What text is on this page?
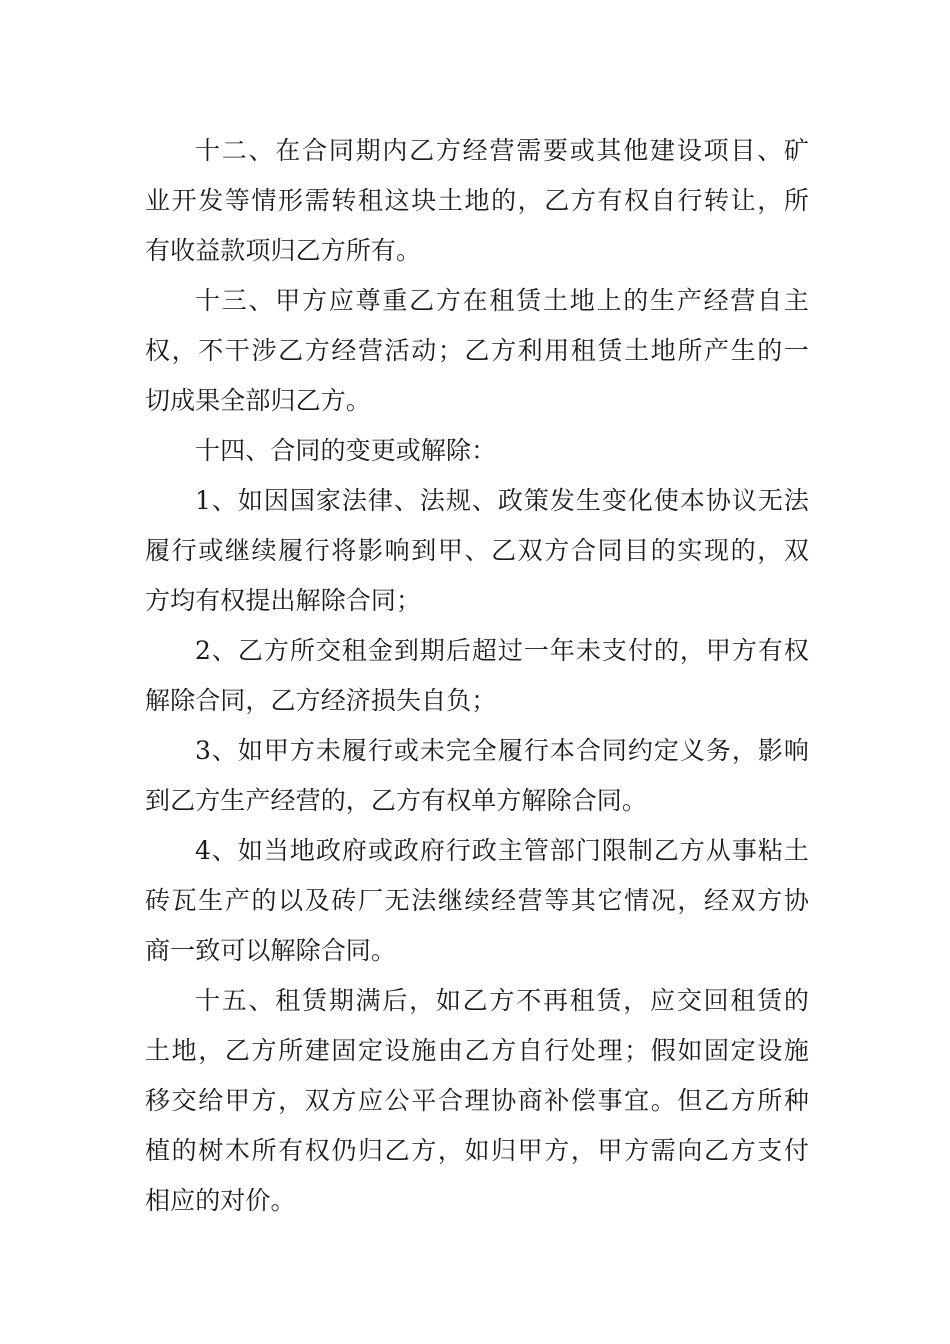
十二、在合同期内乙方经营需要或其他建设项目、矿
业开发等情形需转租这块土地的，乙方有权自行转让，所
有收益款项归乙方所有。
十三、甲方应尊重乙方在租赁土地上的生产经营自主
权，不干涉乙方经营活动；乙方利用租赁土地所产生的一
切成果全部归乙方。
十四、合同的变更或解除：
1、如因国家法律、法规、政策发生变化使本协议无法
履行或继续履行将影响到甲、乙双方合同目的实现的，双
方均有权提出解除合同；
2、乙方所交租金到期后超过一年未支付的，甲方有权
解除合同，乙方经济损失自负；
3、如甲方未履行或未完全履行本合同约定义务，影响
到乙方生产经营的，乙方有权单方解除合同。
4、如当地政府或政府行政主管部门限制乙方从事粘土
砖瓦生产的以及砖厂无法继续经营等其它情况，经双方协
商一致可以解除合同。
十五、租赁期满后，如乙方不再租赁，应交回租赁的
土地，乙方所建固定设施由乙方自行处理；假如固定设施
移交给甲方，双方应公平合理协商补偿事宜。但乙方所种
植的树木所有权仍归乙方，如归甲方，甲方需向乙方支付
相应的对价。
